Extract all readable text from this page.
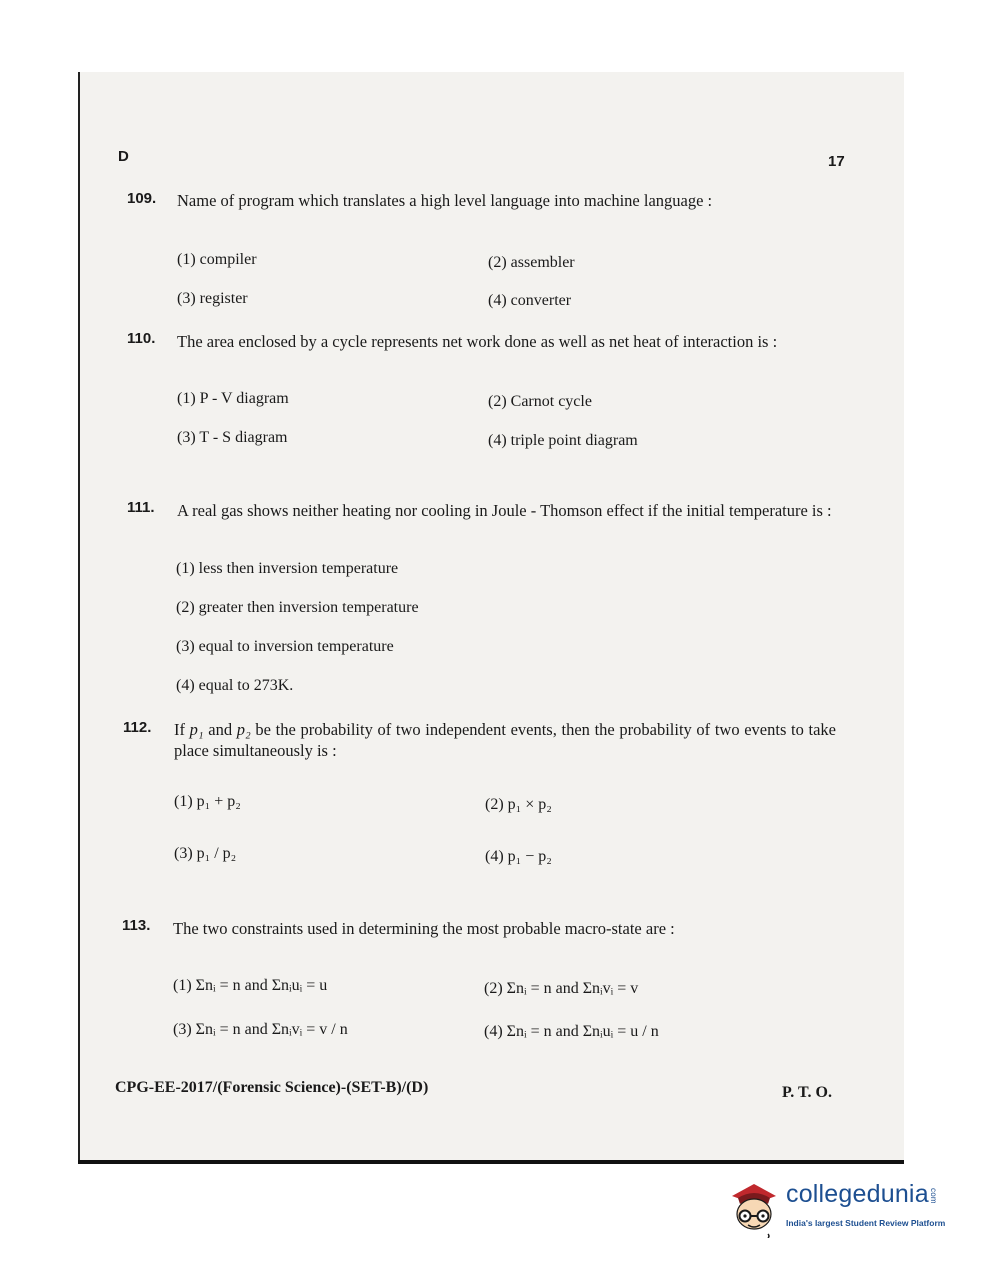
D	17
109. Name of program which translates a high level language into machine language :
(1) compiler	(2) assembler
(3) register	(4) converter
110. The area enclosed by a cycle represents net work done as well as net heat of interaction is :
(1) P - V diagram	(2) Carnot cycle
(3) T - S diagram	(4) triple point diagram
111. A real gas shows neither heating nor cooling in Joule - Thomson effect if the initial temperature is :
(1) less then inversion temperature
(2) greater then inversion temperature
(3) equal to inversion temperature
(4) equal to 273K.
112. If p₁ and p₂ be the probability of two independent events, then the probability of two events to take place simultaneously is :
(1) p₁ + p₂	(2) p₁ × p₂
(3) p₁ / p₂	(4) p₁ − p₂
113. The two constraints used in determining the most probable macro-state are :
(1) Σnᵢ = n and Σnᵢuᵢ = u	(2) Σnᵢ = n and Σnᵢvᵢ = v
(3) Σnᵢ = n and Σnᵢvᵢ = v / n	(4) Σnᵢ = n and Σnᵢuᵢ = u / n
CPG-EE-2017/(Forensic Science)-(SET-B)/(D)	P. T. O.
collegeduniacom
India's largest Student Review Platform
